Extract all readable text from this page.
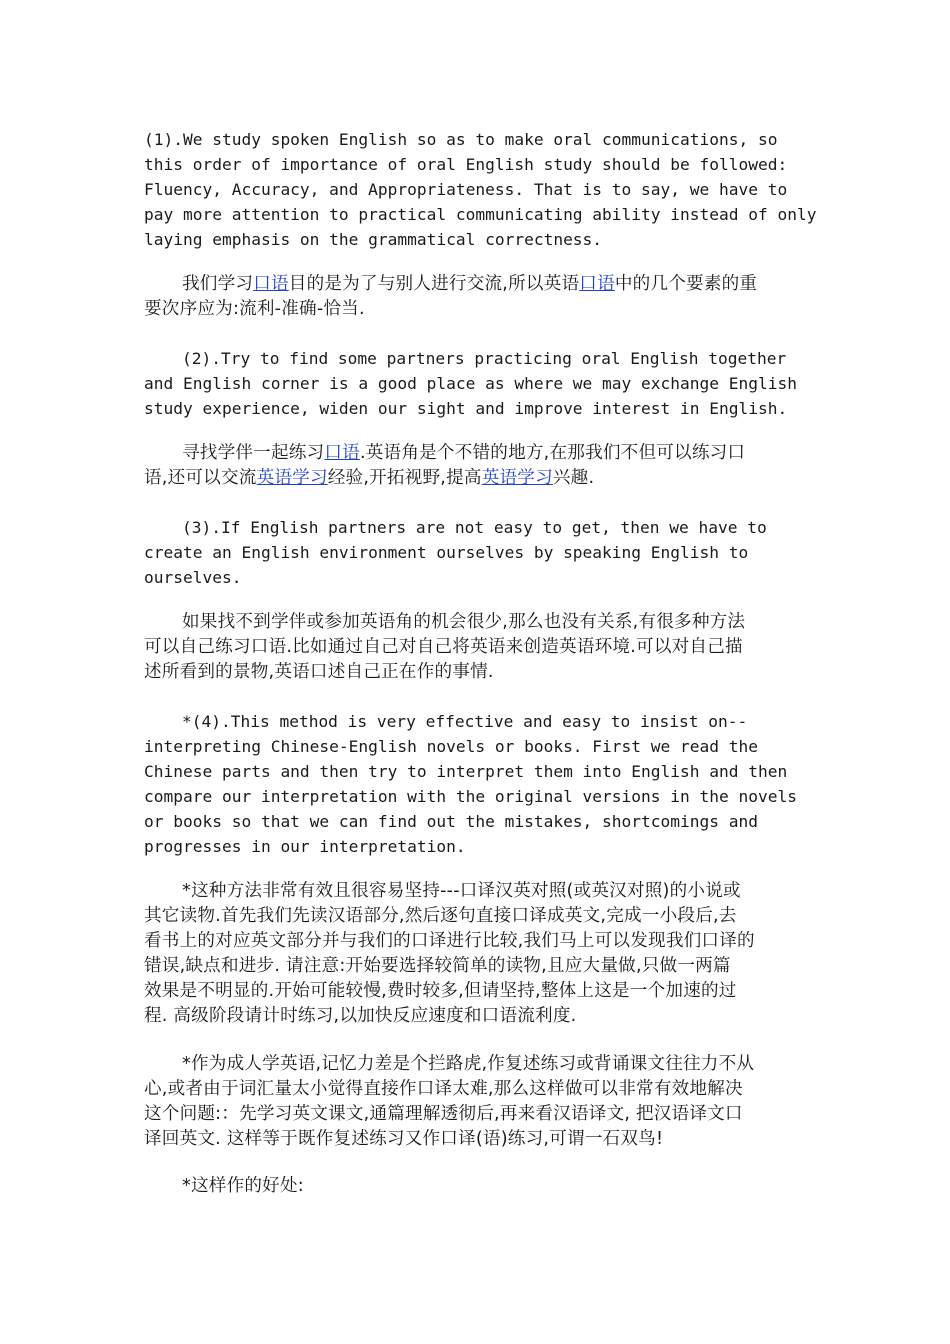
(1).We study spoken English so as to make oral communications, so
this order of importance of oral English study should be followed:
Fluency, Accuracy, and Appropriateness. That is to say, we have to
pay more attention to practical communicating ability instead of only
laying emphasis on the grammatical correctness.
我们学习口语目的是为了与别人进行交流,所以英语口语中的几个要素的重
要次序应为:流利-准确-恰当.
(2).Try to find some partners practicing oral English together
and English corner is a good place as where we may exchange English
study experience, widen our sight and improve interest in English.
寻找学伴一起练习口语.英语角是个不错的地方,在那我们不但可以练习口
语,还可以交流英语学习经验,开拓视野,提高英语学习兴趣.
(3).If English partners are not easy to get, then we have to
create an English environment ourselves by speaking English to
ourselves.
如果找不到学伴或参加英语角的机会很少,那么也没有关系,有很多种方法
可以自己练习口语.比如通过自己对自己将英语来创造英语环境.可以对自己描
述所看到的景物,英语口述自己正在作的事情.
*(4).This method is very effective and easy to insist on--
interpreting Chinese-English novels or books. First we read the
Chinese parts and then try to interpret them into English and then
compare our interpretation with the original versions in the novels
or books so that we can find out the mistakes, shortcomings and
progresses in our interpretation.
*这种方法非常有效且很容易坚持---口译汉英对照(或英汉对照)的小说或
其它读物.首先我们先读汉语部分,然后逐句直接口译成英文,完成一小段后,去
看书上的对应英文部分并与我们的口译进行比较,我们马上可以发现我们口译的
错误,缺点和进步. 请注意:开始要选择较简单的读物,且应大量做,只做一两篇
效果是不明显的.开始可能较慢,费时较多,但请坚持,整体上这是一个加速的过
程. 高级阶段请计时练习,以加快反应速度和口语流利度.
*作为成人学英语,记忆力差是个拦路虎,作复述练习或背诵课文往往力不从
心,或者由于词汇量太小觉得直接作口译太难,那么这样做可以非常有效地解决
这个问题:：先学习英文课文,通篇理解透彻后,再来看汉语译文, 把汉语译文口
译回英文. 这样等于既作复述练习又作口译(语)练习,可谓一石双鸟!
*这样作的好处:
